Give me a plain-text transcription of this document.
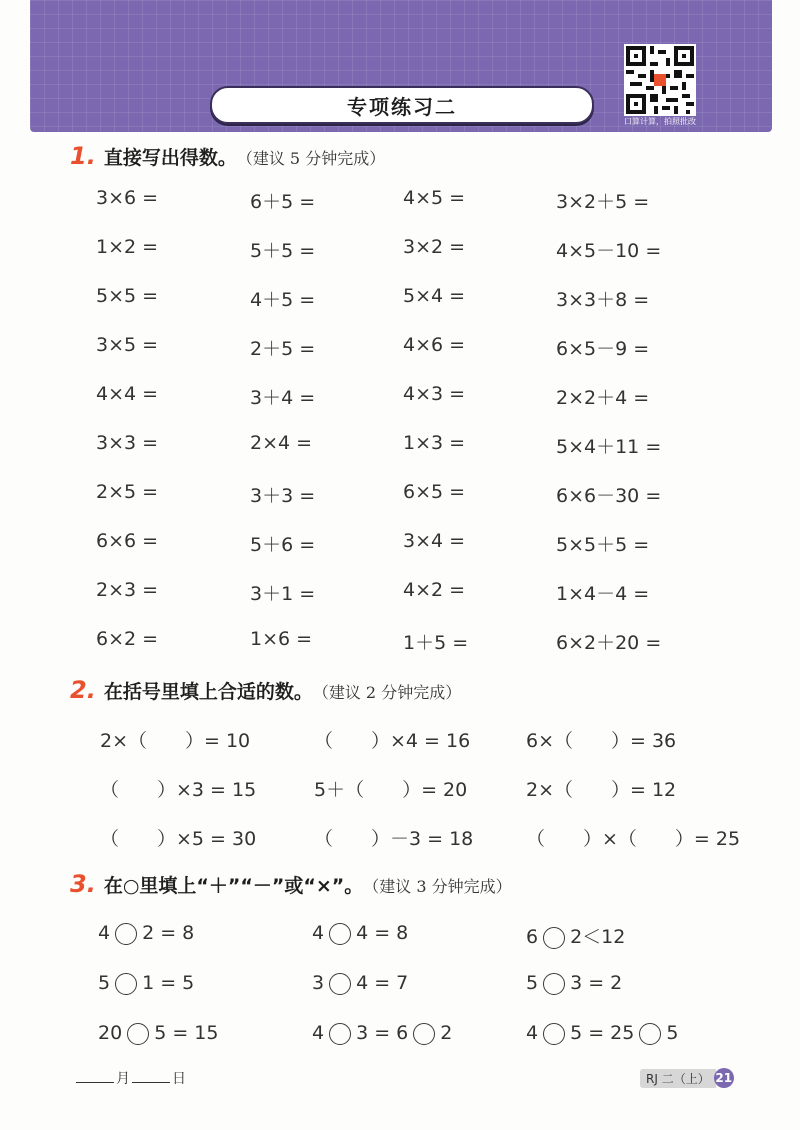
专项练习二
口算计算，拍照批改
1. 直接写出得数。 （建议 5 分钟完成）
3×6 =	6＋5 =	4×5 =	3×2＋5 =
1×2 =	5＋5 =	3×2 =	4×5－10 =
5×5 =	4＋5 =	5×4 =	3×3＋8 =
3×5 =	2＋5 =	4×6 =	6×5－9 =
4×4 =	3＋4 =	4×3 =	2×2＋4 =
3×3 =	2×4 =	1×3 =	5×4＋11 =
2×5 =	3＋3 =	6×5 =	6×6－30 =
6×6 =	5＋6 =	3×4 =	5×5＋5 =
2×3 =	3＋1 =	4×2 =	1×4－4 =
6×2 =	1×6 =	1＋5 =	6×2＋20 =
2. 在括号里填上合适的数。 （建议 2 分钟完成）
2×（　　）= 10	（　　）×4 = 16	6×（　　）= 36
（　　）×3 = 15	5＋（　　）= 20	2×（　　）= 12
（　　）×5 = 30	（　　）－3 = 18	（　　）×（　　）= 25
3. 在○里填上“＋”“－”或“×”。 （建议 3 分钟完成）
4 2 = 8	4 4 = 8	6 2＜12
5 1 = 5	3 4 = 7	5 3 = 2
20 5 = 15	4 3 = 6 2	4 5 = 25 5
月	日	RJ 二（上） 21
